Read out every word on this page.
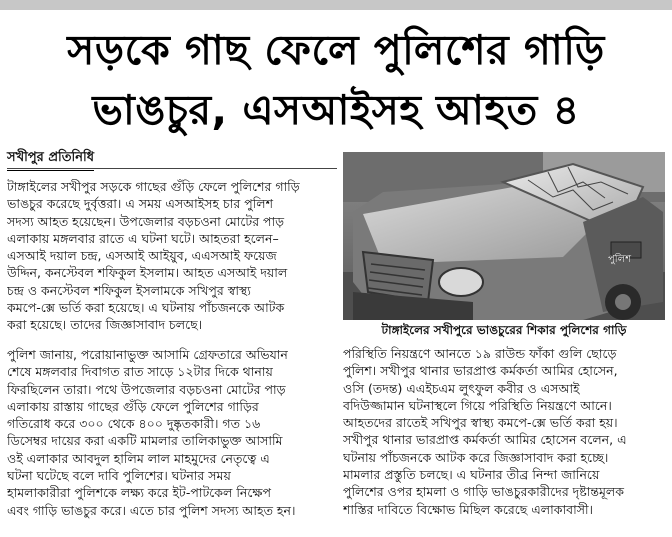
সড়কে গাছ ফেলে পুলিশের গাড়ি
ভাঙচুর, এসআইসহ আহত ৪
সখীপুর প্রতিনিধি

টাঙ্গাইলের সখীপুর সড়কে গাছের গুঁড়ি ফেলে পুলিশের গাড়ি

ভাঙচুর করেছে দুর্বৃত্তরা। এ সময় এসআইসহ চার পুলিশ

সদস্য আহত হয়েছেন। উপজেলার বড়চওনা মোটের পাড়

এলাকায় মঙ্গলবার রাতে এ ঘটনা ঘটে। আহতরা হলেন–

এসআই দয়াল চন্দ্র, এসআই আইয়ুব, এএসআই ফয়েজ

উদ্দিন, কনস্টেবল শফিকুল ইসলাম। আহত এসআই দয়াল

চন্দ্র ও কনস্টেবল শফিকুল ইসলামকে সখিপুর স্বাস্থ্য

কমপে-ক্সে ভর্তি করা হয়েছে। এ ঘটনায় পাঁচজনকে আটক

করা হয়েছে। তাদের জিজ্ঞাসাবাদ চলছে।

পুলিশ জানায়, পরোয়ানাভুক্ত আসামি গ্রেফতারে অভিযান

শেষে মঙ্গলবার দিবাগত রাত সাড়ে ১২টার দিকে থানায়

ফিরছিলেন তারা। পথে উপজেলার বড়চওনা মোটের পাড়

এলাকায় রাস্তায় গাছের গুঁড়ি ফেলে পুলিশের গাড়ির

গতিরোধ করে ৩০০ থেকে ৪০০ দুষ্কৃতকারী। গত ১৬

ডিসেম্বর দায়ের করা একটি মামলার তালিকাভুক্ত আসামি

ওই এলাকার আবদুল হালিম লাল মাহমুদের নেতৃত্বে এ

ঘটনা ঘটেছে বলে দাবি পুলিশের। ঘটনার সময়

হামলাকারীরা পুলিশকে লক্ষ্য করে ইট-পাটকেল নিক্ষেপ

এবং গাড়ি ভাঙচুর করে। এতে চার পুলিশ সদস্য আহত হন।

পুলিশ
টাঙ্গাইলের সখীপুরে ভাঙচুরের শিকার পুলিশের গাড়ি

পরিস্থিতি নিয়ন্ত্রণে আনতে ১৯ রাউন্ড ফাঁকা গুলি ছোড়ে

পুলিশ। সখীপুর থানার ভারপ্রাপ্ত কর্মকর্তা আমির হোসেন,

ওসি (তদন্ত) এএইচএম লুৎফুল কবীর ও এসআই

বদিউজ্জামান ঘটনাস্থলে গিয়ে পরিস্থিতি নিয়ন্ত্রণে আনে।

আহতদের রাতেই সখিপুর স্বাস্থ্য কমপে-ক্সে ভর্তি করা হয়।

সখীপুর থানার ভারপ্রাপ্ত কর্মকর্তা আমির হোসেন বলেন, এ

ঘটনায় পাঁচজনকে আটক করে জিজ্ঞাসাবাদ করা হচ্ছে।

মামলার প্রস্তুতি চলছে। এ ঘটনার তীব্র নিন্দা জানিয়ে

পুলিশের ওপর হামলা ও গাড়ি ভাঙচুরকারীদের দৃষ্টান্তমূলক

শাস্তির দাবিতে বিক্ষোভ মিছিল করেছে এলাকাবাসী।
